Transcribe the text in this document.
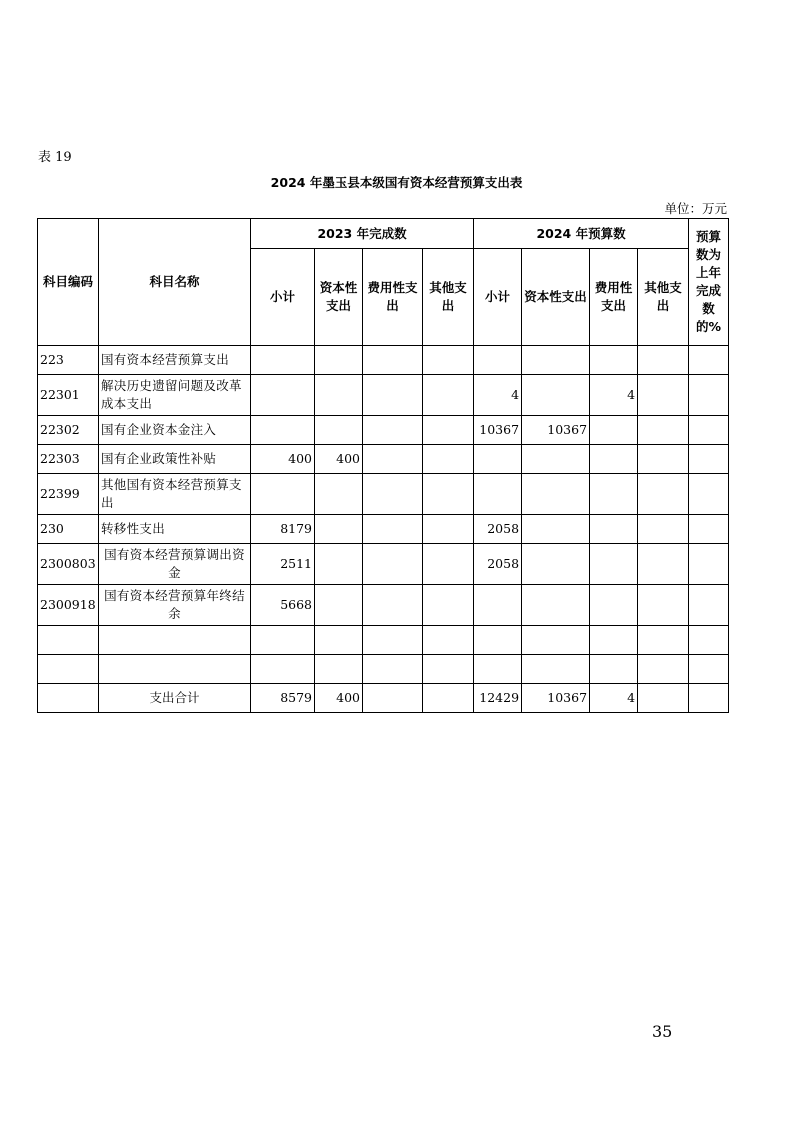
表 19
2024 年墨玉县本级国有资本经营预算支出表
单位：万元
科目编码	科目名称	2023 年完成数				2024 年预算数				预算数为上年完成数的%
		小计	资本性支出	费用性支出	其他支出	小计	资本性支出	费用性支出	其他支出	
223	国有资本经营预算支出									
22301	解决历史遗留问题及改革成本支出					4		4		
22302	国有企业资本金注入					10367	10367			
22303	国有企业政策性补贴	400	400							
22399	其他国有资本经营预算支出									
230	转移性支出	8179				2058				
2300803	国有资本经营预算调出资金	2511				2058				
2300918	国有资本经营预算年终结余	5668								

	支出合计	8579	400			12429	10367	4		
35
